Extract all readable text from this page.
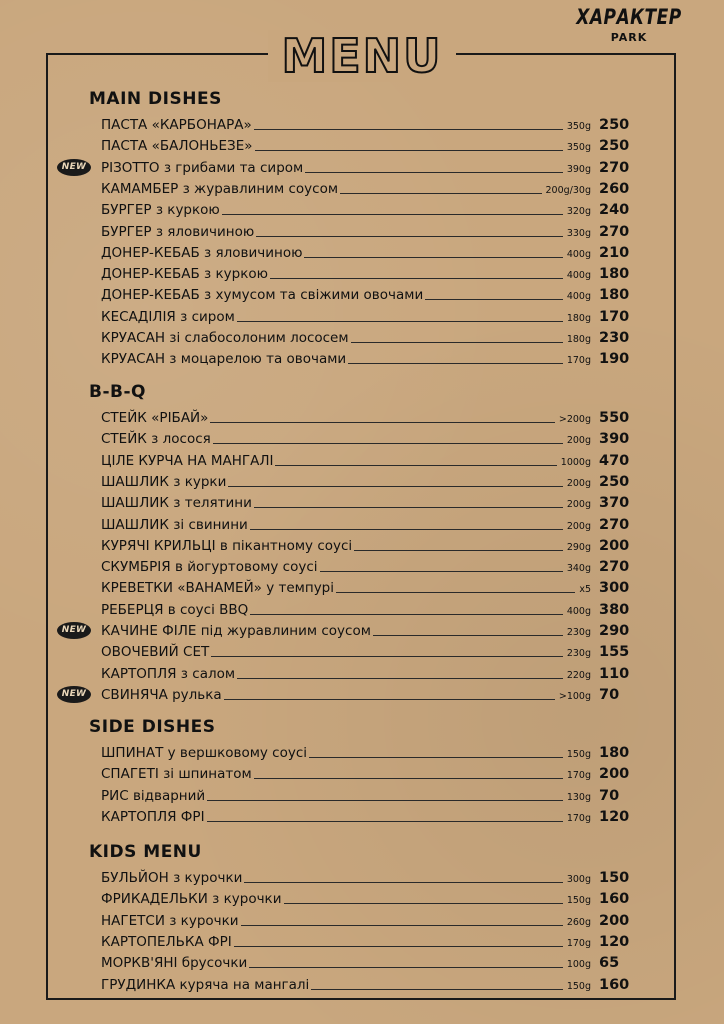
MENU
ХАРАКТЕР
PARK
MAIN DISHES
ПАСТА «КАРБОНАРА»	350g 250
ПАСТА «БАЛОНЬЕЗЕ»	350g 250
РІЗОТТО з грибами та сиром	390g 270
NEW
КАМАМБЕР з журавлиним соусом	200g/30g 260
БУРГЕР з куркою	320g 240
БУРГЕР з яловичиною	330g 270
ДОНЕР-КЕБАБ з яловичиною	400g 210
ДОНЕР-КЕБАБ з куркою	400g 180
ДОНЕР-КЕБАБ з хумусом та свіжими овочами	400g 180
КЕСАДІЛІЯ з сиром	180g 170
КРУАСАН зі слабосолоним лососем	180g 230
КРУАСАН з моцарелою та овочами	170g 190
B-B-Q
СТЕЙК «РІБАЙ»	>200g 550
СТЕЙК з лосося	200g 390
ЦІЛЕ КУРЧА НА МАНГАЛІ	1000g 470
ШАШЛИК з курки	200g 250
ШАШЛИК з телятини	200g 370
ШАШЛИК зі свинини	200g 270
КУРЯЧІ КРИЛЬЦІ в пікантному соусі	290g 200
СКУМБРІЯ в йогуртовому соусі	340g 270
КРЕВЕТКИ «ВАНАМЕЙ» у темпурі	x5 300
РЕБЕРЦЯ в соусі BBQ	400g 380
КАЧИНЕ ФІЛЕ під журавлиним соусом	230g 290
NEW
ОВОЧЕВИЙ СЕТ	230g 155
КАРТОПЛЯ з салом	220g 110
СВИНЯЧА рулька	>100g 70
NEW
SIDE DISHES
ШПИНАТ у вершковому соусі	150g 180
СПАГЕТІ зі шпинатом	170g 200
РИС відварний	130g 70
КАРТОПЛЯ ФРІ	170g 120
KIDS MENU
БУЛЬЙОН з курочки	300g 150
ФРИКАДЕЛЬКИ з курочки	150g 160
НАГЕТСИ з курочки	260g 200
КАРТОПЕЛЬКА ФРІ	170g 120
МОРКВ'ЯНІ брусочки	100g 65
ГРУДИНКА куряча на мангалі	150g 160
